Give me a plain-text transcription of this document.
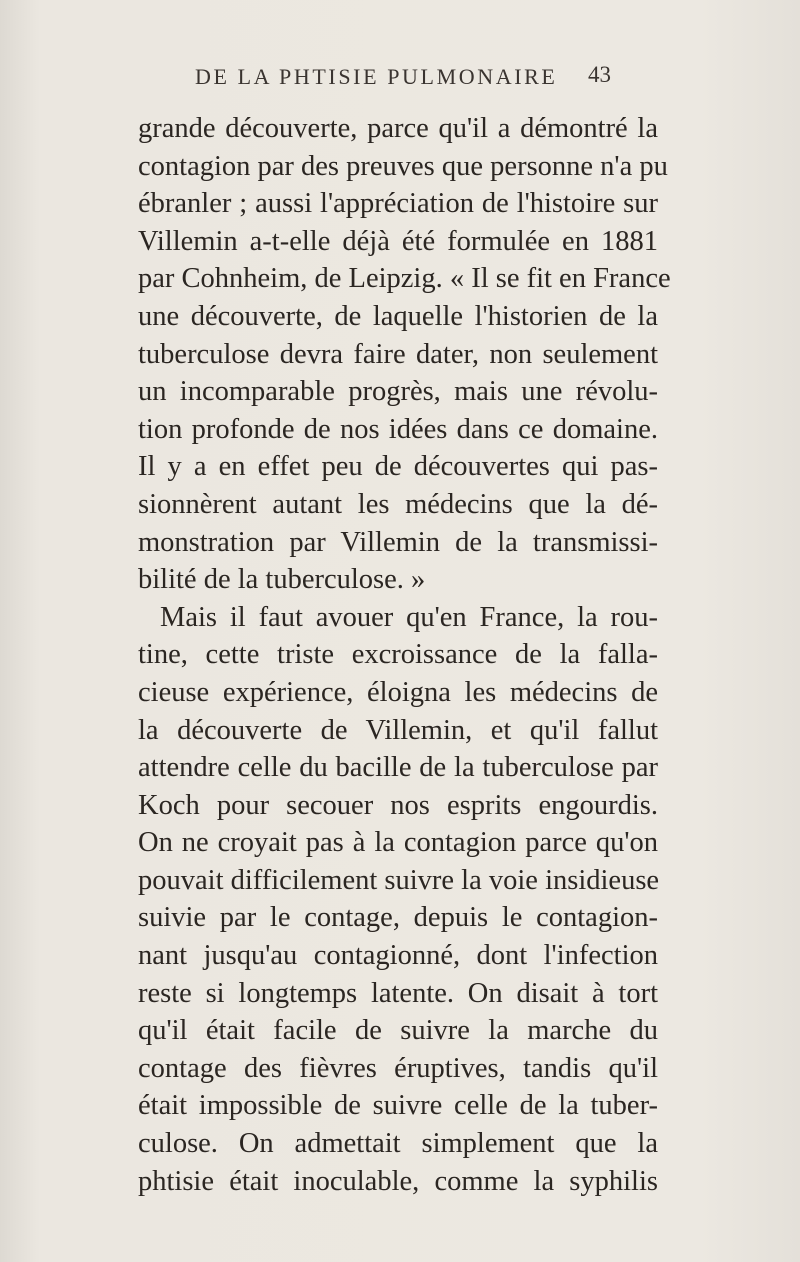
DE LA PHTISIE PULMONAIRE 43
grande découverte, parce qu'il a démontré la
contagion par des preuves que personne n'a pu
ébranler ; aussi l'appréciation de l'histoire sur
Villemin a-t-elle déjà été formulée en 1881
par Cohnheim, de Leipzig. « Il se fit en France
une découverte, de laquelle l'historien de la
tuberculose devra faire dater, non seulement
un incomparable progrès, mais une révolu-
tion profonde de nos idées dans ce domaine.
Il y a en effet peu de découvertes qui pas-
sionnèrent autant les médecins que la dé-
monstration par Villemin de la transmissi-
bilité de la tuberculose. »
Mais il faut avouer qu'en France, la rou-
tine, cette triste excroissance de la falla-
cieuse expérience, éloigna les médecins de
la découverte de Villemin, et qu'il fallut
attendre celle du bacille de la tuberculose par
Koch pour secouer nos esprits engourdis.
On ne croyait pas à la contagion parce qu'on
pouvait difficilement suivre la voie insidieuse
suivie par le contage, depuis le contagion-
nant jusqu'au contagionné, dont l'infection
reste si longtemps latente. On disait à tort
qu'il était facile de suivre la marche du
contage des fièvres éruptives, tandis qu'il
était impossible de suivre celle de la tuber-
culose. On admettait simplement que la
phtisie était inoculable, comme la syphilis
